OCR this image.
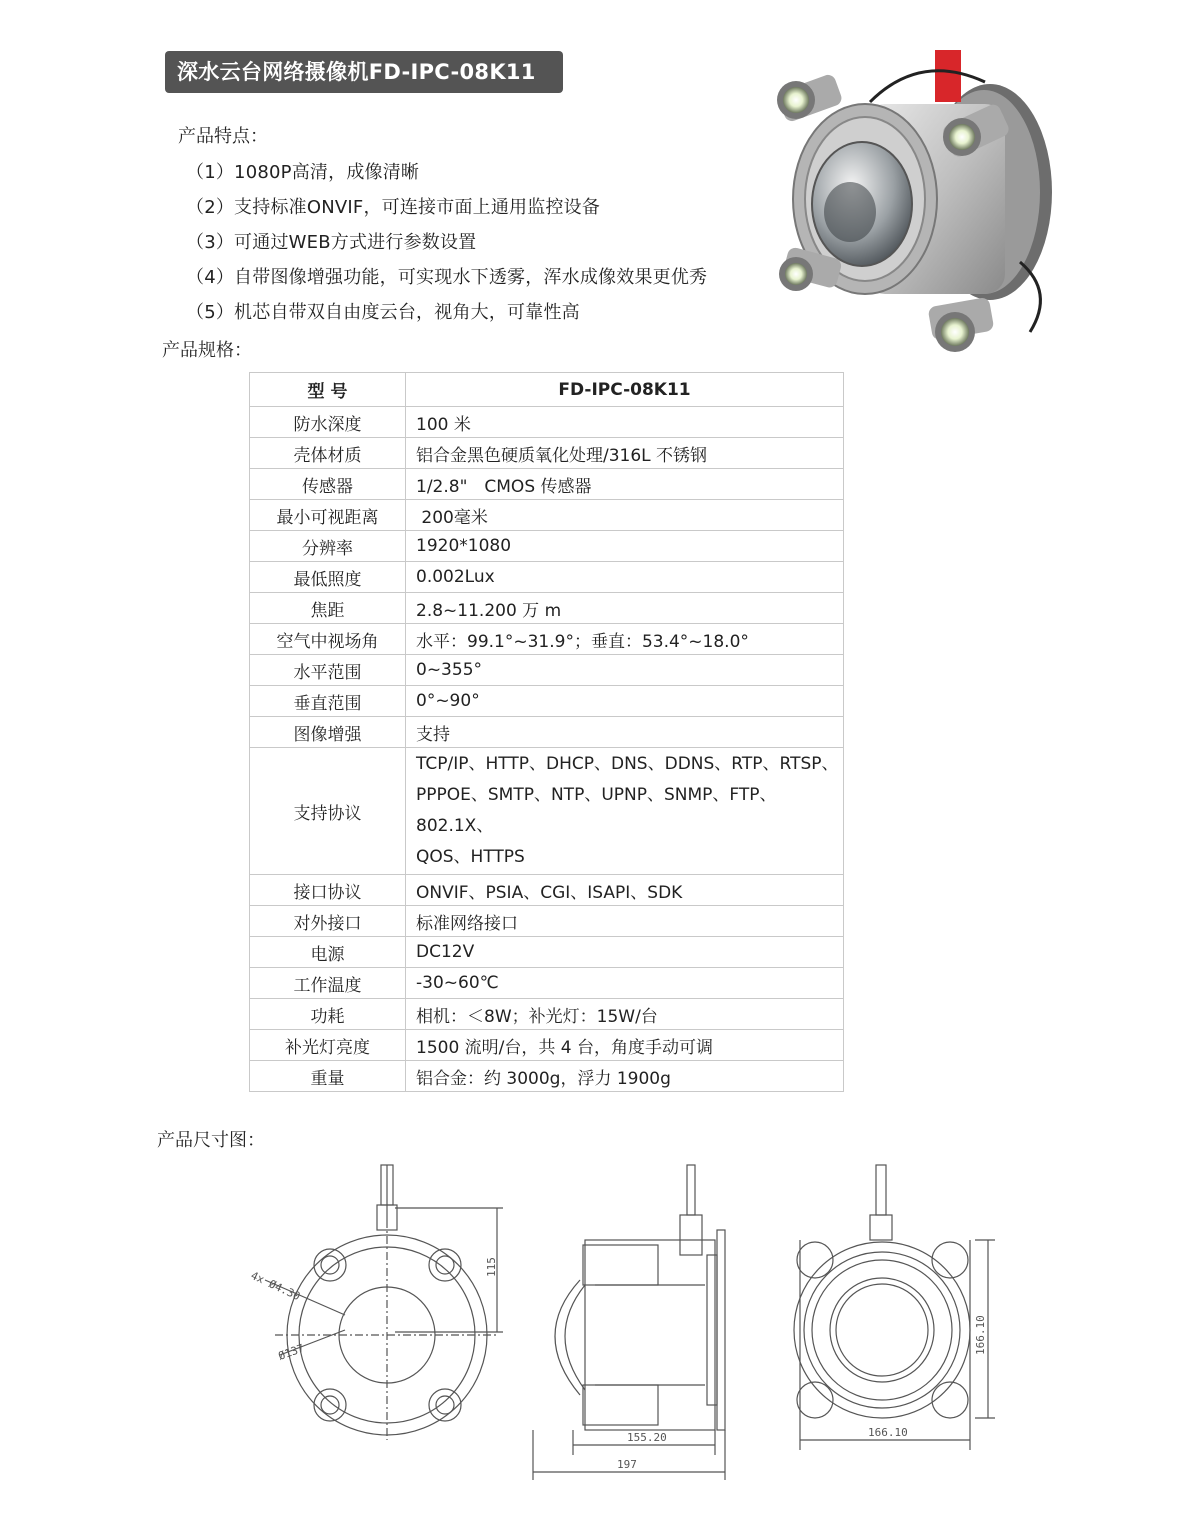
深水云台网络摄像机FD-IPC-08K11
产品特点：
（1）1080P高清，成像清晰
（2）支持标准ONVIF，可连接市面上通用监控设备
（3）可通过WEB方式进行参数设置
（4）自带图像增强功能，可实现水下透雾，浑水成像效果更优秀
（5）机芯自带双自由度云台，视角大，可靠性高
产品规格：
型 号	FD-IPC-08K11
防水深度	100 米
壳体材质	铝合金黑色硬质氧化处理/316L 不锈钢
传感器	1/2.8"　CMOS 传感器
最小可视距离	200毫米
分辨率	1920*1080
最低照度	0.002Lux
焦距	2.8~11.200 万 m
空气中视场角	水平：99.1°~31.9°；垂直：53.4°~18.0°
水平范围	0~355°
垂直范围	0°~90°
图像增强	支持
支持协议	TCP/IP、HTTP、DHCP、DNS、DDNS、RTP、RTSP、
PPPOE、SMTP、NTP、UPNP、SNMP、FTP、802.1X、
QOS、HTTPS

接口协议	ONVIF、PSIA、CGI、ISAPI、SDK
对外接口	标准网络接口
电源	DC12V
工作温度	-30~60℃
功耗	相机：＜8W；补光灯：15W/台
补光灯亮度	1500 流明/台，共 4 台，角度手动可调
重量	铝合金：约 3000g，浮力 1900g
产品尺寸图：
115
4x Ø4.30
Ø137
155.20
197
166.10
166.10
